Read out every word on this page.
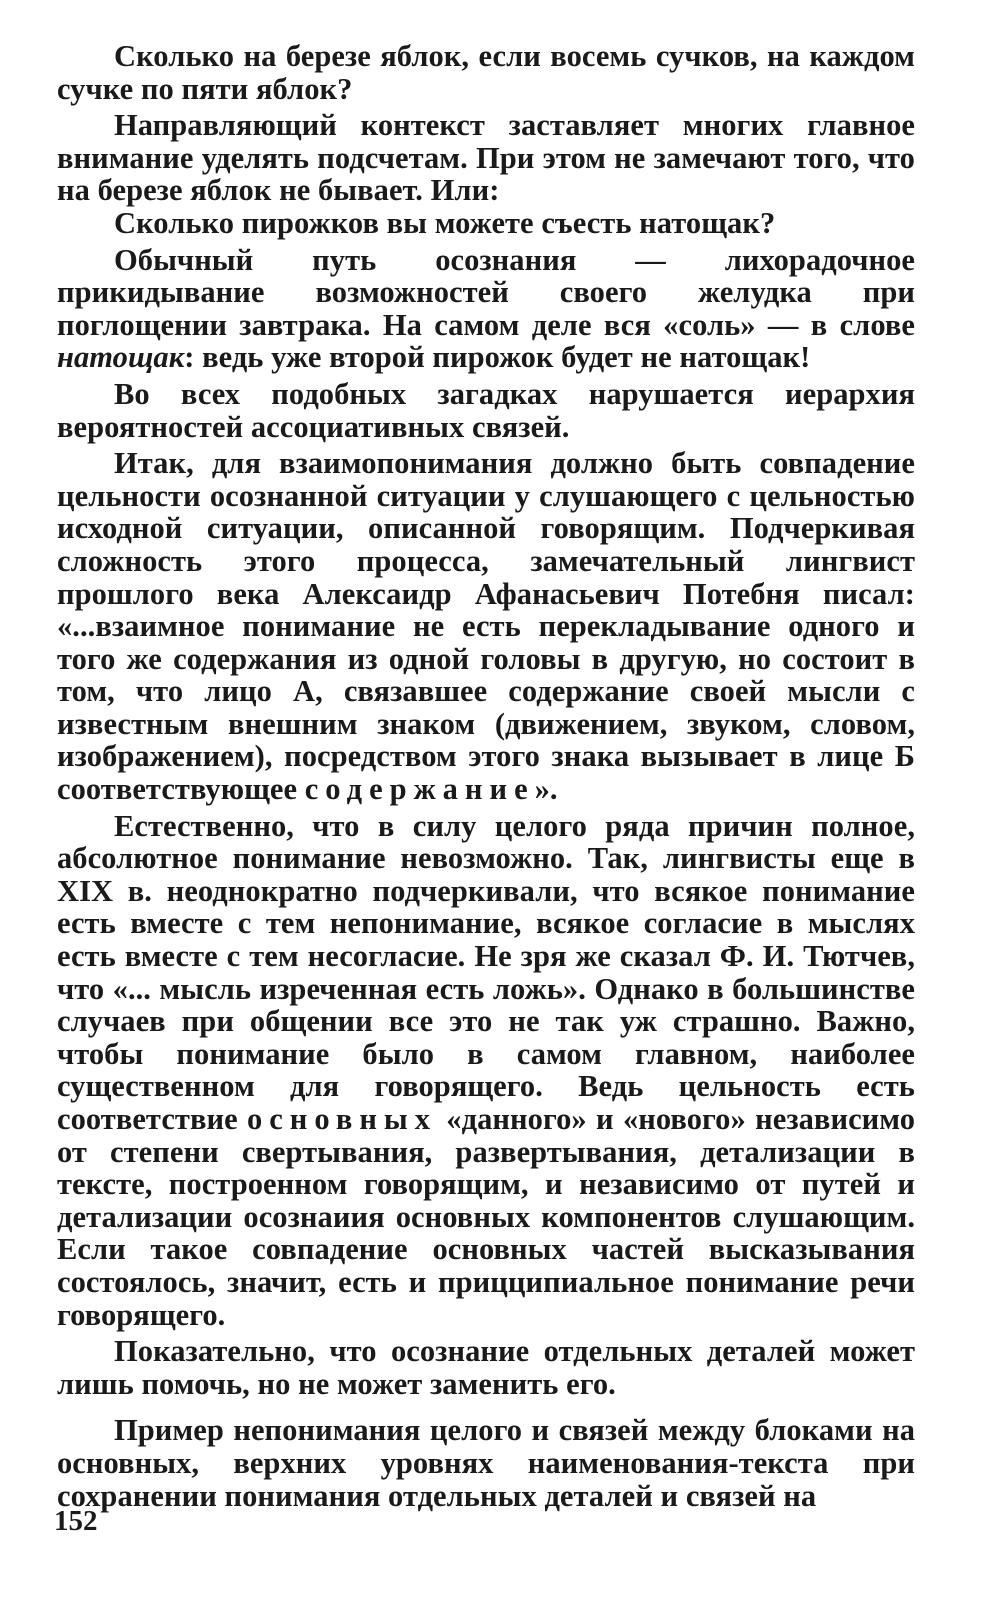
Сколько на березе яблок, если восемь сучков, на каждом сучке по пяти яблок?

Направляющий контекст заставляет многих главное внимание уделять подсчетам. При этом не замечают того, что на березе яблок не бывает. Или:

Сколько пирожков вы можете съесть натощак?

Обычный путь осознания — лихорадочное прикидывание возможностей своего желудка при поглощении завтрака. На самом деле вся «соль» — в слове натощак: ведь уже второй пирожок будет не натощак!

Во всех подобных загадках нарушается иерархия вероятностей ассоциативных связей.

Итак, для взаимопонимания должно быть совпадение цельности осознанной ситуации у слушающего с цельностью исходной ситуации, описанной говорящим. Подчеркивая сложность этого процесса, замечательный лингвист прошлого века Алексаидр Афанасьевич Потебня писал: «...взаимное понимание не есть перекладывание одного и того же содержания из одной головы в другую, но состоит в том, что лицо А, связавшее содержание своей мысли с известным внешним знаком (движением, звуком, словом, изображением), посредством этого знака вызывает в лице Б соответствующее содержание».

Естественно, что в силу целого ряда причин полное, абсолютное понимание невозможно. Так, лингвисты еще в XIX в. неоднократно подчеркивали, что всякое понимание есть вместе с тем непонимание, всякое согласие в мыслях есть вместе с тем несогласие. Не зря же сказал Ф. И. Тютчев, что «... мысль изреченная есть ложь». Однако в большинстве случаев при общении все это не так уж страшно. Важно, чтобы понимание было в самом главном, наиболее существенном для говорящего. Ведь цельность есть соответствие основных «данного» и «нового» независимо от степени свертывания, развертывания, детализации в тексте, построенном говорящим, и независимо от путей и детализации осознаиия основных компонентов слушающим. Если такое совпадение основных частей высказывания состоялось, значит, есть и прицципиальное понимание речи говорящего.

Показательно, что осознание отдельных деталей может лишь помочь, но не может заменить его.

Пример непонимания целого и связей между блоками на основных, верхних уровнях наименования-текста при сохранении понимания отдельных деталей и связей на

152
